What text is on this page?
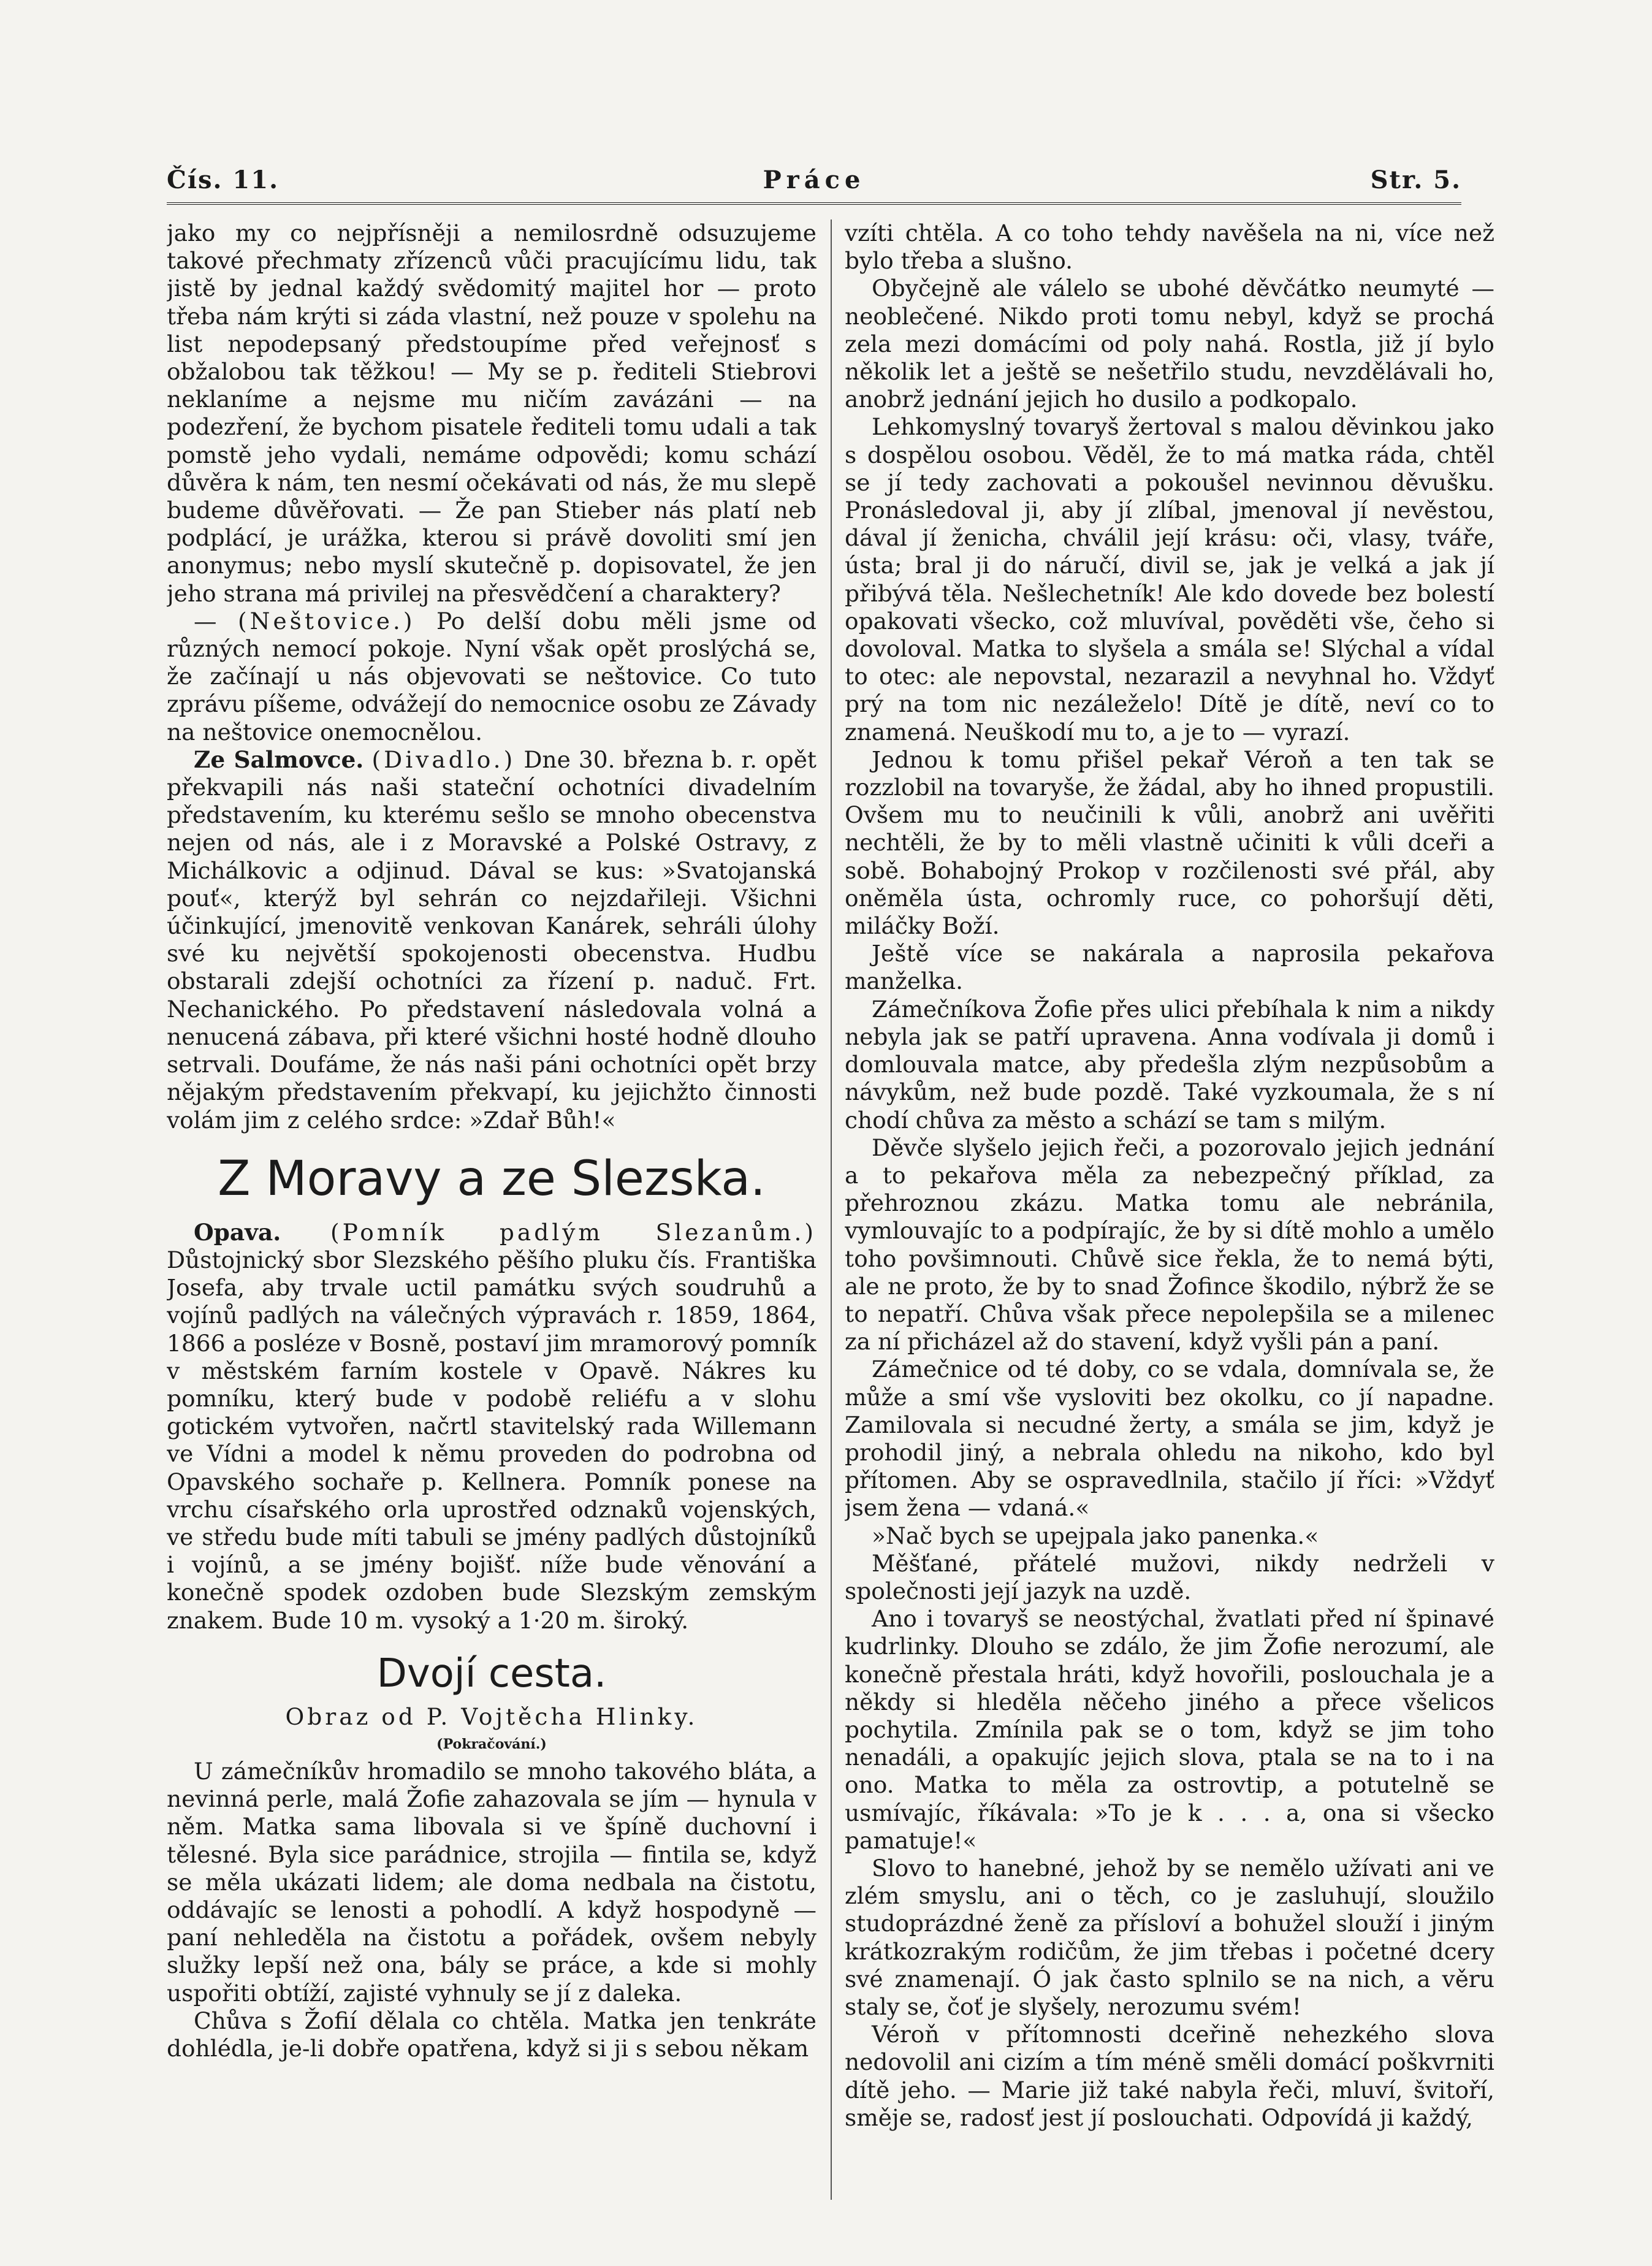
Čís. 11.	Práce	Str. 5.

jako my co nejpřísněji a nemilosrdně odsuzujeme takové přechmaty zřízenců vůči pracujícímu lidu, tak jistě by jednal každý svědomitý majitel hor — proto třeba nám krýti si záda vlastní, než pouze v spolehu na list nepodepsaný předstoupíme před veřejnosť s obžalobou tak těžkou! — My se p. řediteli Stiebrovi neklaníme a nejsme mu ničím zavázáni — na podezření, že bychom pisatele řediteli tomu udali a tak pomstě jeho vydali, nemáme odpovědi; komu schází důvěra k nám, ten nesmí očekávati od nás, že mu slepě budeme důvěřovati. — Že pan Stieber nás platí neb podplácí, je urážka, kterou si právě dovoliti smí jen anonymus; nebo myslí skutečně p. dopisovatel, že jen jeho strana má privilej na přesvědčení a charaktery?

— (Neštovice.) Po delší dobu měli jsme od různých nemocí pokoje. Nyní však opět proslýchá se, že začínají u nás objevovati se neštovice. Co tuto zprávu píšeme, odvážejí do nemocnice osobu ze Závady na neštovice onemocnělou.

Ze Salmovce. (Divadlo.) Dne 30. března b. r. opět překvapili nás naši stateční ochotníci divadelním představením, ku kterému sešlo se mnoho obecenstva nejen od nás, ale i z Moravské a Polské Ostravy, z Michálkovic a odjinud. Dával se kus: »Svatojanská pouť«, kterýž byl sehrán co nejzdařileji. Všichni účinkující, jmenovitě venkovan Kanárek, sehráli úlohy své ku největší spokojenosti obecenstva. Hudbu obstarali zdejší ochotníci za řízení p. naduč. Frt. Nechanického. Po představení následovala volná a nenucená zábava, při které všichni hosté hodně dlouho setrvali. Doufáme, že nás naši páni ochotníci opět brzy nějakým představením překvapí, ku jejichžto činnosti volám jim z celého srdce: »Zdař Bůh!«

Z Moravy a ze Slezska.

Opava. (Pomník padlým Slezanům.) Důstojnický sbor Slezského pěšího pluku čís. Františka Josefa, aby trvale uctil památku svých soudruhů a vojínů padlých na válečných výpravách r. 1859, 1864, 1866 a posléze v Bosně, postaví jim mramorový pomník v městském farním kostele v Opavě. Nákres ku pomníku, který bude v podobě reliéfu a v slohu gotickém vytvořen, načrtl stavitelský rada Willemann ve Vídni a model k němu proveden do podrobna od Opavského sochaře p. Kellnera. Pomník ponese na vrchu císařského orla uprostřed odznaků vojenských, ve středu bude míti tabuli se jmény padlých důstojníků i vojínů, a se jmény bojišť. níže bude věnování a konečně spodek ozdoben bude Slezským zemským znakem. Bude 10 m. vysoký a 1·20 m. široký.

Dvojí cesta.

Obraz od P. Vojtěcha Hlinky.

(Pokračování.)

U zámečníkův hromadilo se mnoho takového bláta, a nevinná perle, malá Žofie zahazovala se jím — hynula v něm. Matka sama libovala si ve špíně duchovní i tělesné. Byla sice parádnice, strojila — fintila se, když se měla ukázati lidem; ale doma nedbala na čistotu, oddávajíc se lenosti a pohodlí. A když hospodyně — paní nehleděla na čistotu a pořádek, ovšem nebyly služky lepší než ona, bály se práce, a kde si mohly uspořiti obtíží, zajisté vyhnuly se jí z daleka.

Chůva s Žofií dělala co chtěla. Matka jen tenkráte dohlédla, je-li dobře opatřena, když si ji s sebou někam

vzíti chtěla. A co toho tehdy navěšela na ni, více než bylo třeba a slušno.

Obyčejně ale válelo se ubohé děvčátko neumyté — neoblečené. Nikdo proti tomu nebyl, když se prochá zela mezi domácími od poly nahá. Rostla, již jí bylo několik let a ještě se nešetřilo studu, nevzdělávali ho, anobrž jednání jejich ho dusilo a podkopalo.

Lehkomyslný tovaryš žertoval s malou děvinkou jako s dospělou osobou. Věděl, že to má matka ráda, chtěl se jí tedy zachovati a pokoušel nevinnou děvušku. Pronásledoval ji, aby jí zlíbal, jmenoval jí nevěstou, dával jí ženicha, chválil její krásu: oči, vlasy, tváře, ústa; bral ji do náručí, divil se, jak je velká a jak jí přibývá těla. Nešlechetník! Ale kdo dovede bez bolestí opakovati všecko, což mluvíval, pověděti vše, čeho si dovoloval. Matka to slyšela a smála se! Slýchal a vídal to otec: ale nepovstal, nezarazil a nevyhnal ho. Vždyť prý na tom nic nezáleželo! Dítě je dítě, neví co to znamená. Neuškodí mu to, a je to — vyrazí.

Jednou k tomu přišel pekař Véroň a ten tak se rozzlobil na tovaryše, že žádal, aby ho ihned propustili. Ovšem mu to neučinili k vůli, anobrž ani uvěřiti nechtěli, že by to měli vlastně učiniti k vůli dceři a sobě. Bohabojný Prokop v rozčilenosti své přál, aby oněměla ústa, ochromly ruce, co pohoršují děti, miláčky Boží.

Ještě více se nakárala a naprosila pekařova manželka.

Zámečníkova Žofie přes ulici přebíhala k nim a nikdy nebyla jak se patří upravena. Anna vodívala ji domů i domlouvala matce, aby předešla zlým nezpůsobům a návykům, než bude pozdě. Také vyzkoumala, že s ní chodí chůva za město a schází se tam s milým.

Děvče slyšelo jejich řeči, a pozorovalo jejich jednání a to pekařova měla za nebezpečný příklad, za přehroznou zkázu. Matka tomu ale nebránila, vymlouvajíc to a podpírajíc, že by si dítě mohlo a umělo toho povšimnouti. Chůvě sice řekla, že to nemá býti, ale ne proto, že by to snad Žofince škodilo, nýbrž že se to nepatří. Chůva však přece nepolepšila se a milenec za ní přicházel až do stavení, když vyšli pán a paní.

Zámečnice od té doby, co se vdala, domnívala se, že může a smí vše vysloviti bez okolku, co jí napadne. Zamilovala si necudné žerty, a smála se jim, když je prohodil jiný, a nebrala ohledu na nikoho, kdo byl přítomen. Aby se ospravedlnila, stačilo jí říci: »Vždyť jsem žena — vdaná.«

»Nač bych se upejpala jako panenka.«

Měšťané, přátelé mužovi, nikdy nedrželi v společnosti její jazyk na uzdě.

Ano i tovaryš se neostýchal, žvatlati před ní špinavé kudrlinky. Dlouho se zdálo, že jim Žofie nerozumí, ale konečně přestala hráti, když hovořili, poslouchala je a někdy si hleděla něčeho jiného a přece všelicos pochytila. Zmínila pak se o tom, když se jim toho nenadáli, a opakujíc jejich slova, ptala se na to i na ono. Matka to měla za ostrovtip, a potutelně se usmívajíc, říkávala: »To je k . . . a, ona si všecko pamatuje!«

Slovo to hanebné, jehož by se nemělo užívati ani ve zlém smyslu, ani o těch, co je zasluhují, sloužilo studoprázdné ženě za přísloví a bohužel slouží i jiným krátkozrakým rodičům, že jim třebas i početné dcery své znamenají. Ó jak často splnilo se na nich, a věru staly se, čoť je slyšely, nerozumu svém!

Véroň v přítomnosti dceřině nehezkého slova nedovolil ani cizím a tím méně směli domácí poškvrniti dítě jeho. — Marie již také nabyla řeči, mluví, švitoří, směje se, radosť jest jí poslouchati. Odpovídá ji každý,
